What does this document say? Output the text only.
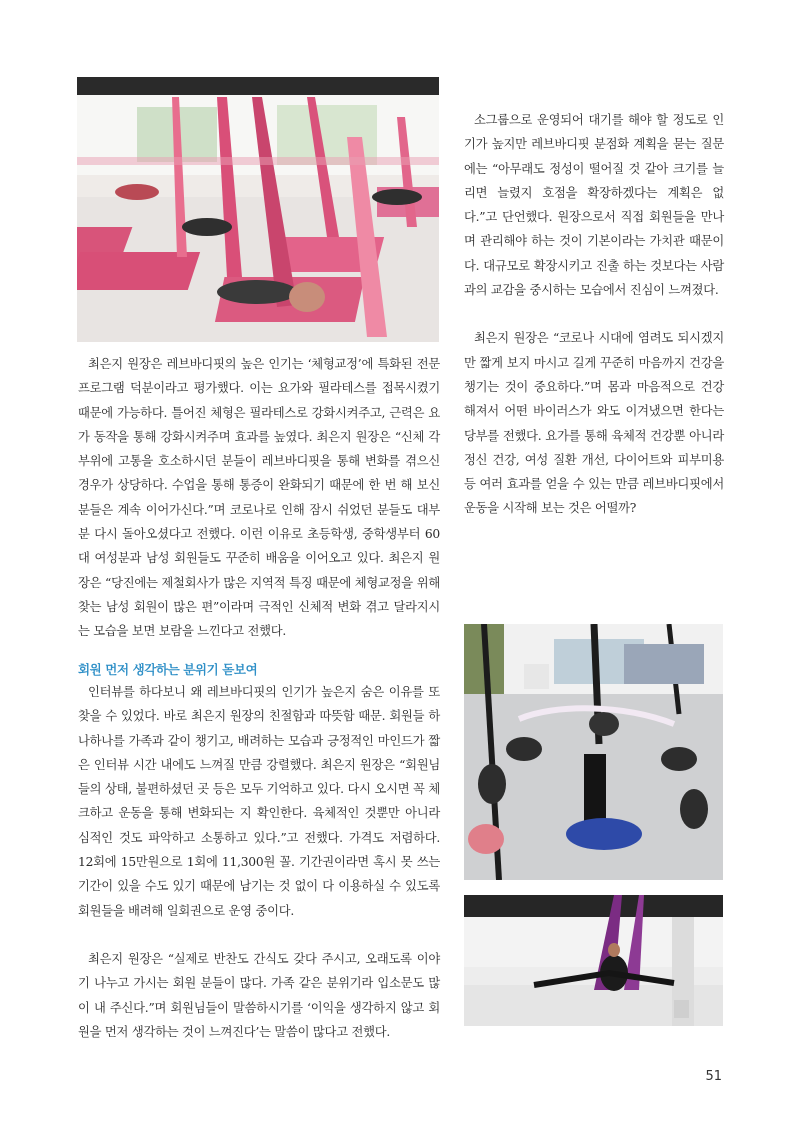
최은지 원장은 레브바디핏의 높은 인기는 ‘체형교정’에 특화된 전문 프로그램 덕분이라고 평가했다. 이는 요가와 필라테스를 접목시켰기 때문에 가능하다. 틀어진 체형은 필라테스로 강화시켜주고, 근력은 요가 동작을 통해 강화시켜주며 효과를 높였다. 최은지 원장은 “신체 각 부위에 고통을 호소하시던 분들이 레브바디핏을 통해 변화를 겪으신 경우가 상당하다. 수업을 통해 통증이 완화되기 때문에 한 번 해 보신 분들은 계속 이어가신다.”며 코로나로 인해 잠시 쉬었던 분들도 대부분 다시 돌아오셨다고 전했다. 이런 이유로 초등학생, 중학생부터 60대 여성분과 남성 회원들도 꾸준히 배움을 이어오고 있다. 최은지 원장은 “당진에는 제철회사가 많은 지역적 특징 때문에 체형교정을 위해 찾는 남성 회원이 많은 편”이라며 극적인 신체적 변화 겪고 달라지시는 모습을 보면 보람을 느낀다고 전했다.

회원 먼저 생각하는 분위기 돋보여

인터뷰를 하다보니 왜 레브바디핏의 인기가 높은지 숨은 이유를 또 찾을 수 있었다. 바로 최은지 원장의 친절함과 따뜻함 때문. 회원들 하나하나를 가족과 같이 챙기고, 배려하는 모습과 긍정적인 마인드가 짧은 인터뷰 시간 내에도 느껴질 만큼 강렬했다. 최은지 원장은 “회원님들의 상태, 불편하셨던 곳 등은 모두 기억하고 있다. 다시 오시면 꼭 체크하고 운동을 통해 변화되는 지 확인한다. 육체적인 것뿐만 아니라 심적인 것도 파악하고 소통하고 있다.”고 전했다. 가격도 저렴하다. 12회에 15만원으로 1회에 11,300원 꼴. 기간권이라면 혹시 못 쓰는 기간이 있을 수도 있기 때문에 남기는 것 없이 다 이용하실 수 있도록 회원들을 배려해 일회권으로 운영 중이다.

최은지 원장은 “실제로 반찬도 간식도 갖다 주시고, 오래도록 이야기 나누고 가시는 회원 분들이 많다. 가족 같은 분위기라 입소문도 많이 내 주신다.”며 회원님들이 말씀하시기를 ‘이익을 생각하지 않고 회원을 먼저 생각하는 것이 느껴진다’는 말씀이 많다고 전했다.

소그룹으로 운영되어 대기를 해야 할 정도로 인기가 높지만 레브바디핏 분점화 계획을 묻는 질문에는 “아무래도 정성이 떨어질 것 같아 크기를 늘리면 늘렸지 호점을 확장하겠다는 계획은 없다.”고 단언했다. 원장으로서 직접 회원들을 만나며 관리해야 하는 것이 기본이라는 가치관 때문이다. 대규모로 확장시키고 진출 하는 것보다는 사람과의 교감을 중시하는 모습에서 진심이 느껴졌다.

최은지 원장은 “코로나 시대에 염려도 되시겠지만 짧게 보지 마시고 길게 꾸준히 마음까지 건강을 챙기는 것이 중요하다.”며 몸과 마음적으로 건강해져서 어떤 바이러스가 와도 이겨냈으면 한다는 당부를 전했다. 요가를 통해 육체적 건강뿐 아니라 정신 건강, 여성 질환 개선, 다이어트와 피부미용 등 여러 효과를 얻을 수 있는 만큼 레브바디핏에서 운동을 시작해 보는 것은 어떨까?

51
